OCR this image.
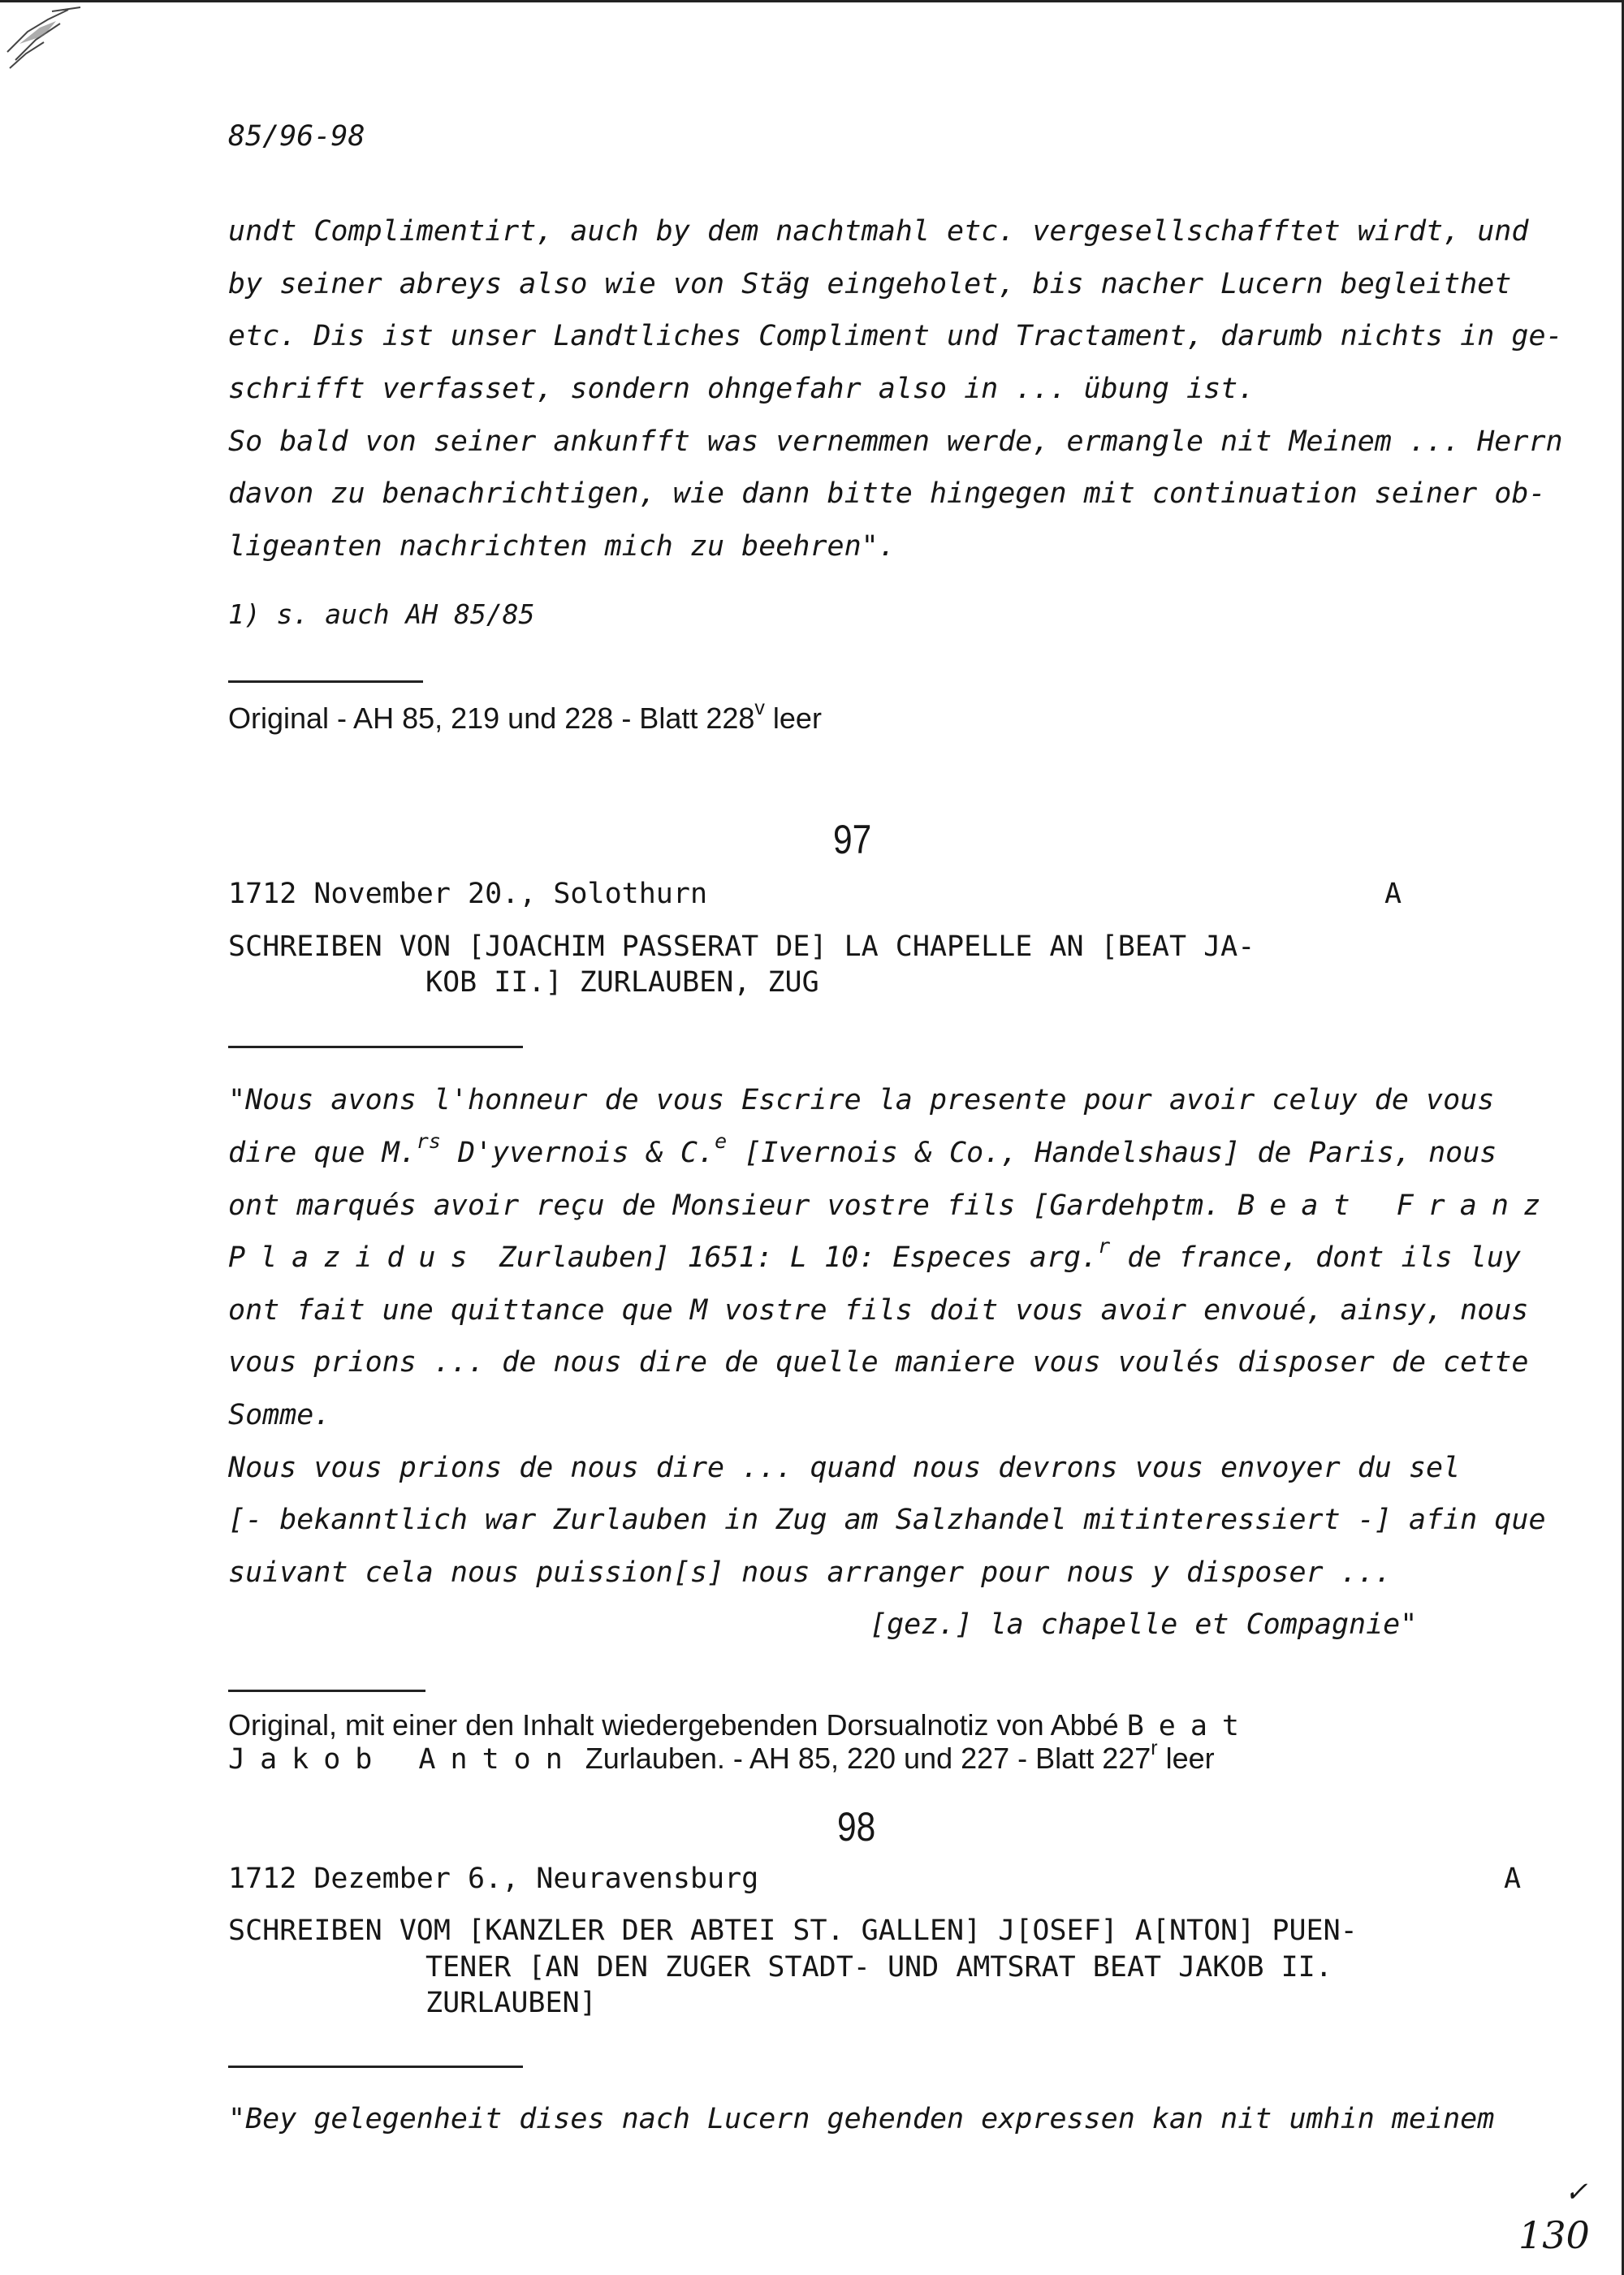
85/96-98
undt Complimentirt, auch by dem nachtmahl etc. vergesellschafftet wirdt, und
by seiner abreys also wie von Stäg eingeholet, bis nacher Lucern begleithet
etc. Dis ist unser Landtliches Compliment und Tractament, darumb nichts in ge-
schrifft verfasset, sondern ohngefahr also in ... übung ist.
So bald von seiner ankunfft was vernemmen werde, ermangle nit Meinem ... Herrn
davon zu benachrichtigen, wie dann bitte hingegen mit continuation seiner ob-
ligeanten nachrichten mich zu beehren".
1) s. auch AH 85/85
Original - AH 85, 219 und 228 - Blatt 228$^v$ leer
97
1712 November 20., Solothurn	A
SCHREIBEN VON [JOACHIM PASSERAT DE] LA CHAPELLE AN [BEAT JA-
KOB II.] ZURLAUBEN, ZUG
"Nous avons l'honneur de vous Escrire la presente pour avoir celuy de vous
dire que M.$^{rs}$ D'yvernois & C.$^e$ [Ivernois & Co., Handelshaus] de Paris, nous
ont marqués avoir reçu de Monsieur vostre fils [Gardehptm. Beat Franz
Plazidus Zurlauben] 1651: L 10: Especes arg.$^r$ de france, dont ils luy
ont fait une quittance que M vostre fils doit vous avoir envoué, ainsy, nous
vous prions ... de nous dire de quelle maniere vous voulés disposer de cette
Somme.
Nous vous prions de nous dire ... quand nous devrons vous envoyer du sel
[- bekanntlich war Zurlauben in Zug am Salzhandel mitinteressiert -] afin que
suivant cela nous puission[s] nous arranger pour nous y disposer ...
[gez.] la chapelle et Compagnie"
Original, mit einer den Inhalt wiedergebenden Dorsualnotiz von Abbé Beat
Jakob Anton Zurlauben. - AH 85, 220 und 227 - Blatt 227$^r$ leer
98
1712 Dezember 6., Neuravensburg	A
SCHREIBEN VOM [KANZLER DER ABTEI ST. GALLEN] J[OSEF] A[NTON] PUEN-
TENER [AN DEN ZUGER STADT- UND AMTSRAT BEAT JAKOB II.
ZURLAUBEN]
"Bey gelegenheit dises nach Lucern gehenden expressen kan nit umhin meinem
✓
130
